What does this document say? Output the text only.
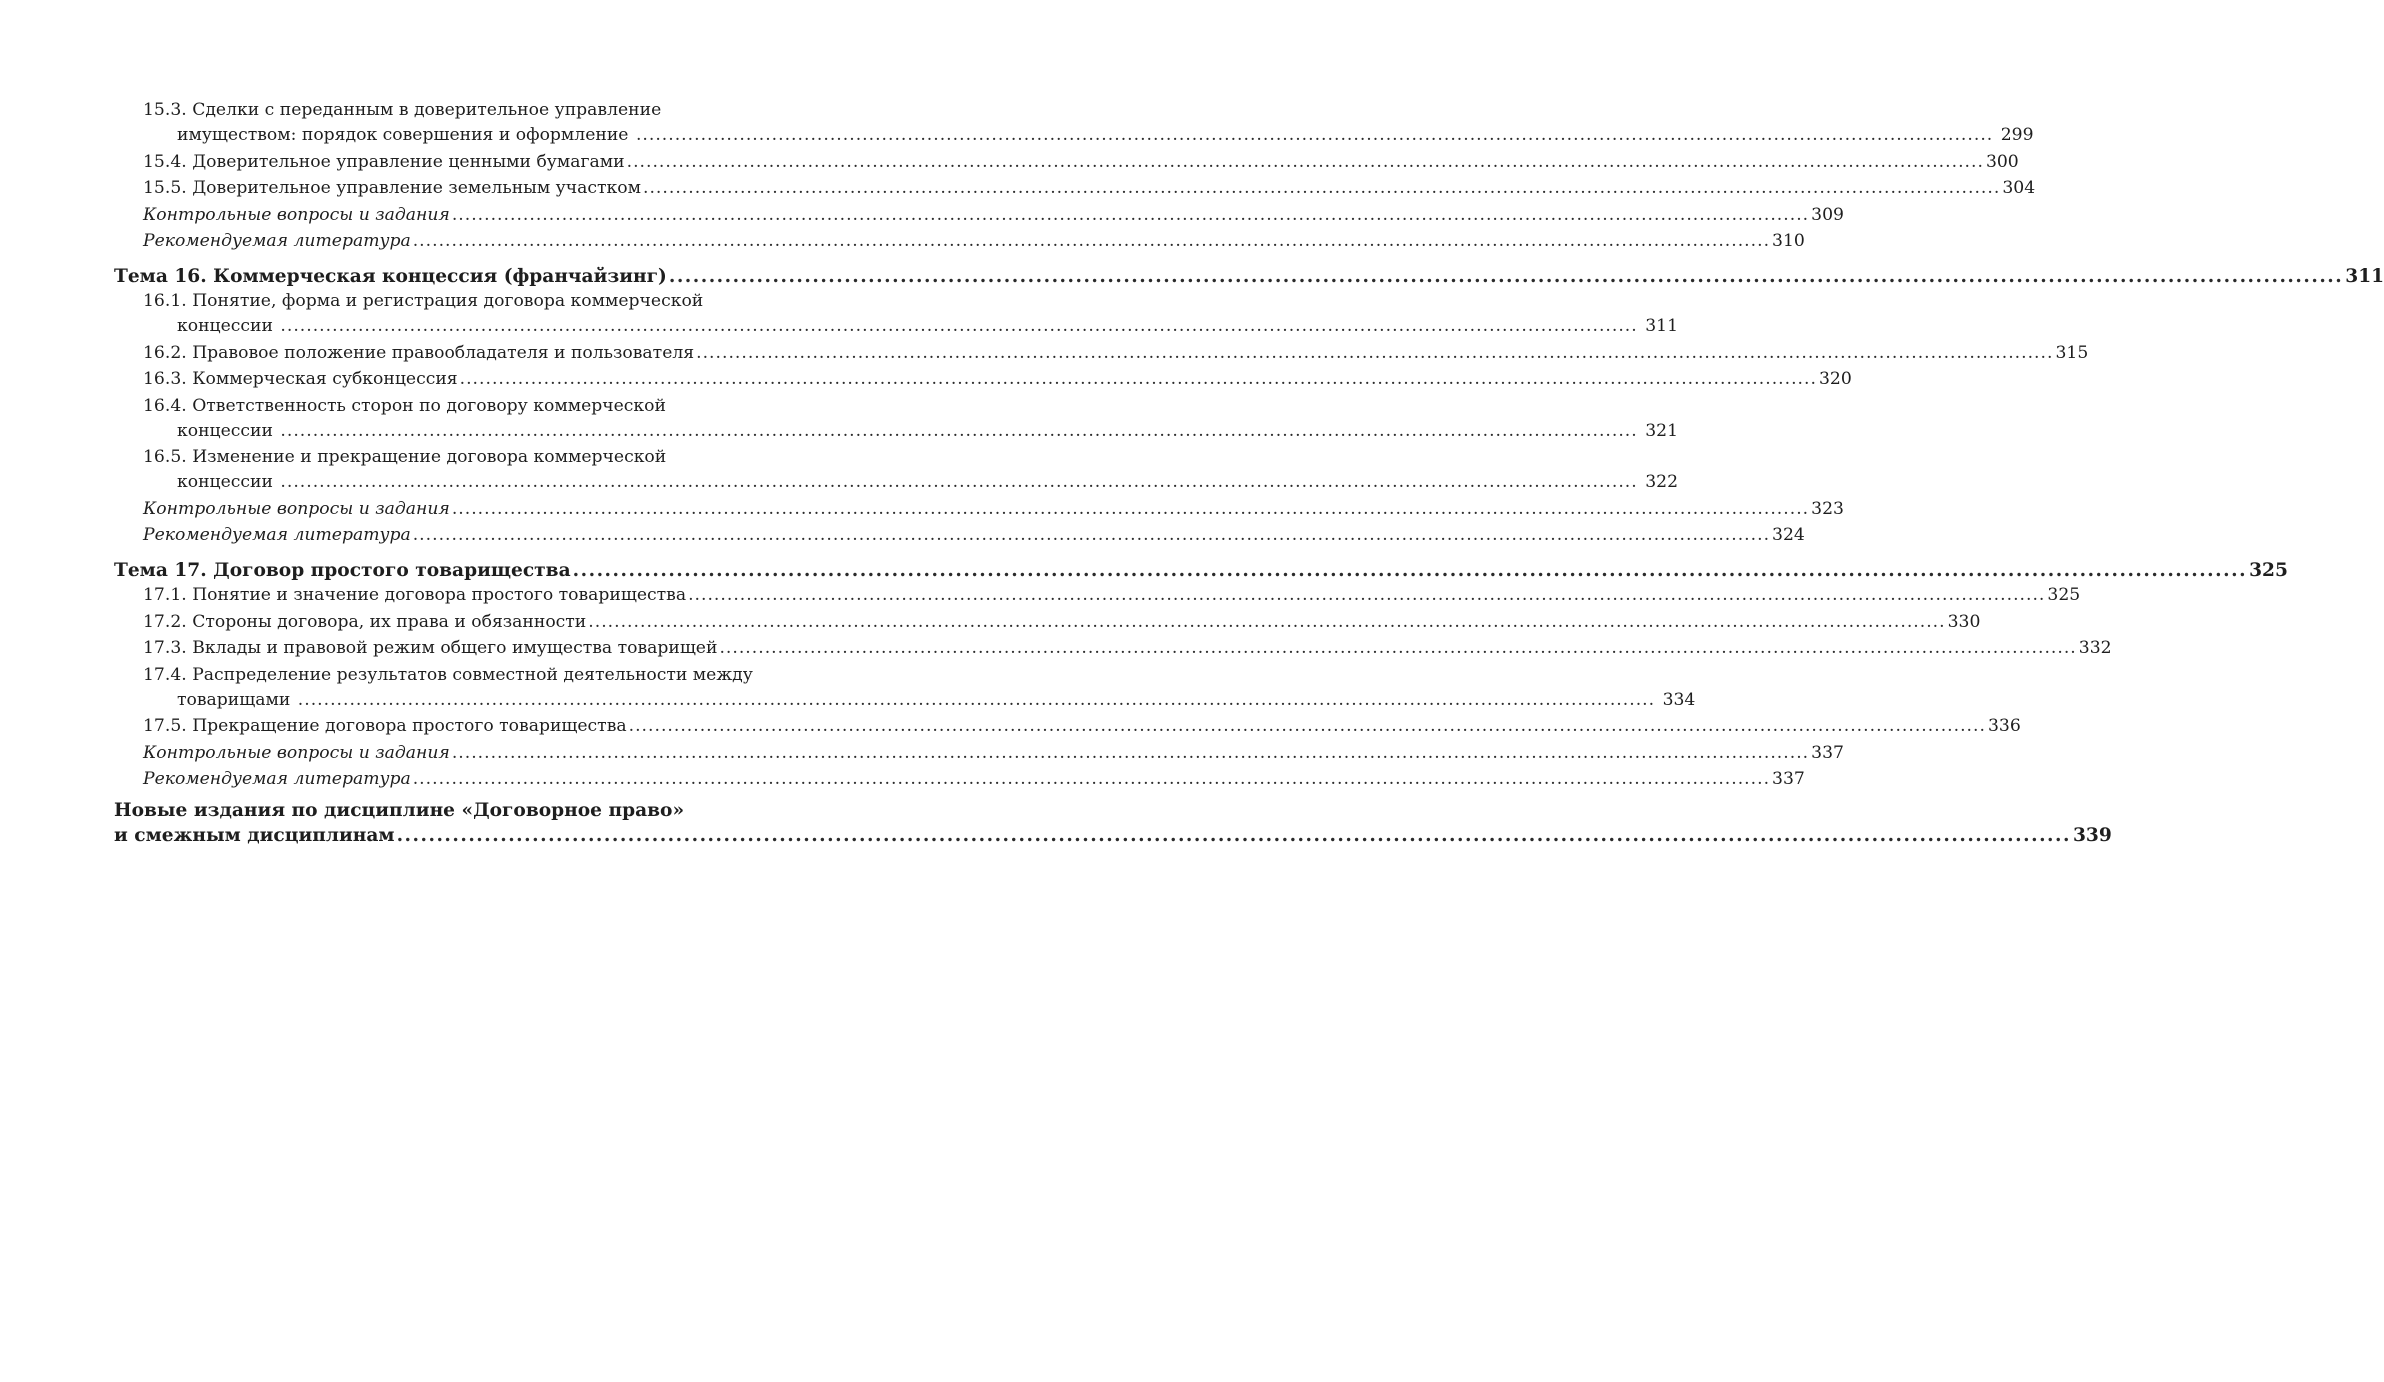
15.3. Сделки с переданным в доверительное управление
имуществом: порядок совершения и оформление .....	299
15.4. Доверительное управление ценными бумагами .....	300
15.5. Доверительное управление земельным участком .....	304
Контрольные вопросы и задания .....	309
Рекомендуемая литература .....	310
Тема 16. Коммерческая концессия (франчайзинг) .....	311
16.1. Понятие, форма и регистрация договора коммерческой
концессии .....	311
16.2. Правовое положение правообладателя и пользователя .....	315
16.3. Коммерческая субконцессия .....	320
16.4. Ответственность сторон по договору коммерческой
концессии .....	321
16.5. Изменение и прекращение договора коммерческой
концессии .....	322
Контрольные вопросы и задания .....	323
Рекомендуемая литература .....	324
Тема 17. Договор простого товарищества .....	325
17.1. Понятие и значение договора простого товарищества .....	325
17.2. Стороны договора, их права и обязанности .....	330
17.3. Вклады и правовой режим общего имущества товарищей .....	332
17.4. Распределение результатов совместной деятельности между
товарищами .....	334
17.5. Прекращение договора простого товарищества .....	336
Контрольные вопросы и задания .....	337
Рекомендуемая литература .....	337
Новые издания по дисциплине «Договорное право»
и смежным дисциплинам .....	339
